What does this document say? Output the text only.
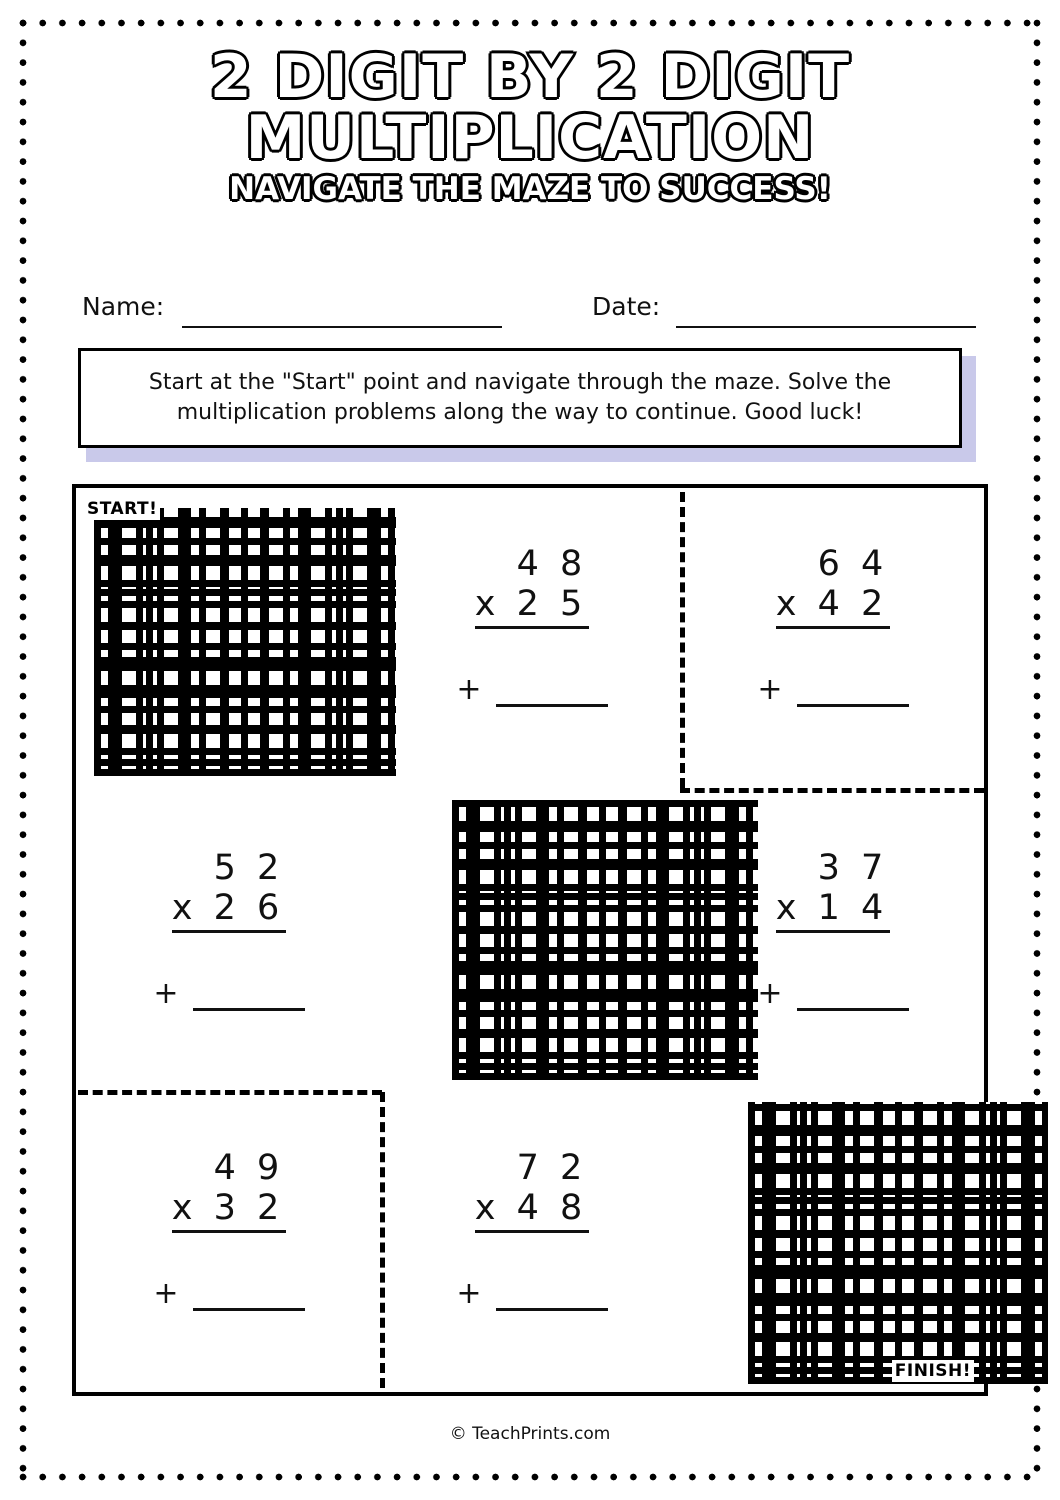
2 DIGIT BY 2 DIGIT
MULTIPLICATION
NAVIGATE THE MAZE TO SUCCESS!
Name:	Date:
Start at the "Start" point and navigate through the maze. Solve the multiplication problems along the way to continue. Good luck!
START!
4 8
x 2 5
+
6 4
x 4 2
+
5 2
x 2 6
+
3 7
x 1 4
+
4 9
x 3 2
+
7 2
x 4 8
+
FINISH!
© TeachPrints.com
